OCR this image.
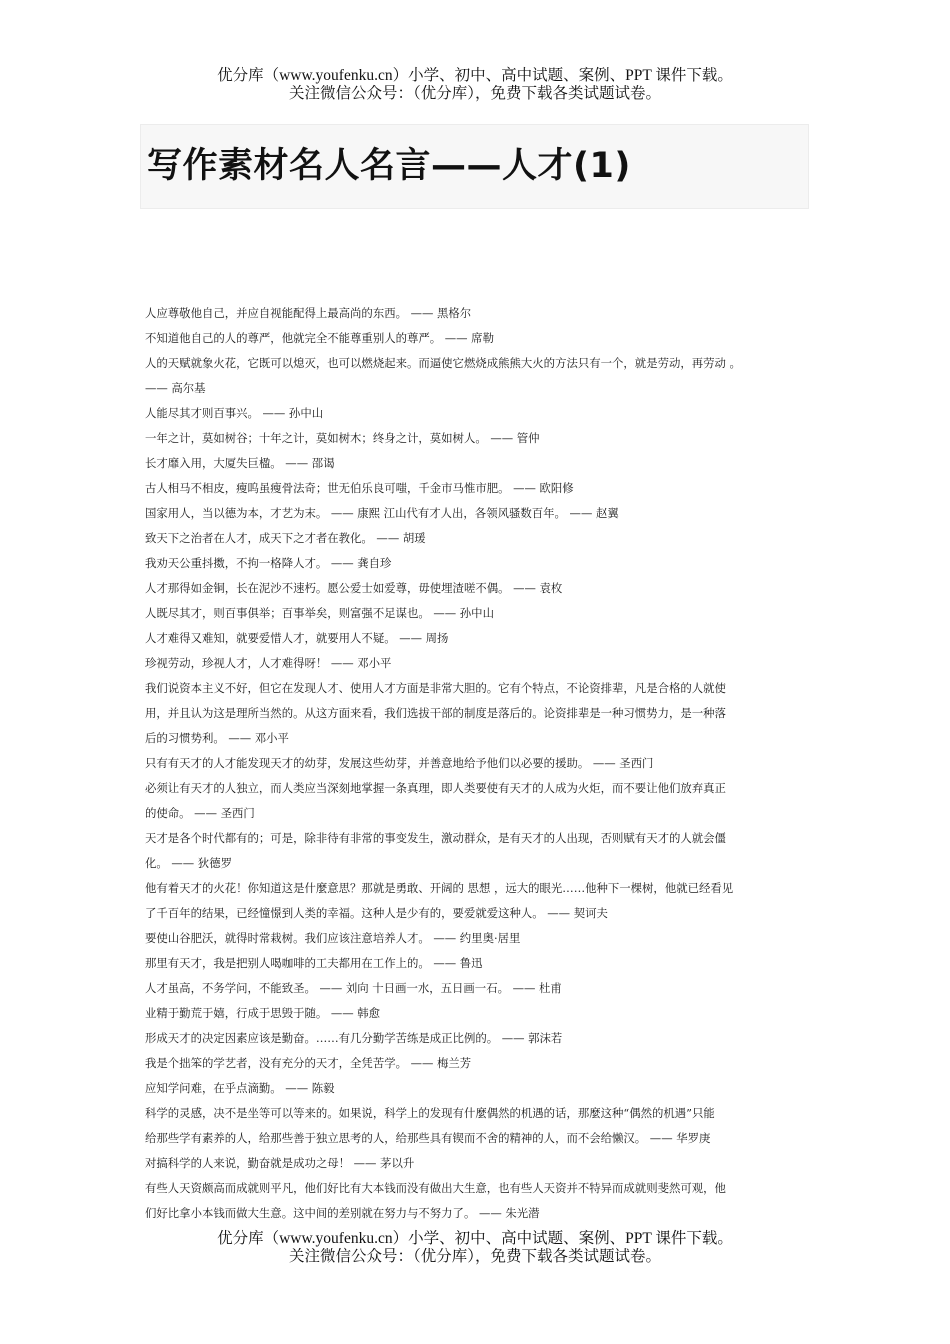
优分库（www.youfenku.cn）小学、初中、高中试题、案例、PPT 课件下载。
关注微信公众号：（优分库），免费下载各类试题试卷。
写作素材名人名言——人才(1)
人应尊敬他自己，并应自视能配得上最高尚的东西。 —— 黑格尔
不知道他自己的人的尊严，他就完全不能尊重别人的尊严。 —— 席勒
人的天赋就象火花，它既可以熄灭，也可以燃烧起来。而逼使它燃烧成熊熊大火的方法只有一个，就是劳动，再劳动 。
—— 高尔基
人能尽其才则百事兴。 —— 孙中山
一年之计，莫如树谷；十年之计，莫如树木；终身之计，莫如树人。 —— 管仲
长才靡入用，大厦失巨楹。 —— 邵谒
古人相马不相皮，瘦呜虽瘦骨法奇；世无伯乐良可嗤，千金市马惟市肥。 —— 欧阳修
国家用人，当以德为本，才艺为末。 —— 康熙 江山代有才人出，各领风骚数百年。 —— 赵翼
致天下之治者在人才，成天下之才者在教化。 —— 胡瑗
我劝天公重抖擞，不拘一格降人才。 —— 龚自珍
人才那得如金铜，长在泥沙不速朽。愿公爱士如爱尊，毋使埋渣嗟不偶。 —— 袁枚
人既尽其才，则百事俱举；百事举矣，则富强不足谋也。 —— 孙中山
人才难得又难知，就要爱惜人才，就要用人不疑。 —— 周扬
珍视劳动，珍视人才，人才难得呀！ —— 邓小平
我们说资本主义不好，但它在发现人才、使用人才方面是非常大胆的。它有个特点，不论资排辈，凡是合格的人就使
用，并且认为这是理所当然的。从这方面来看，我们选拔干部的制度是落后的。论资排辈是一种习惯势力，是一种落
后的习惯势利。 —— 邓小平
只有有天才的人才能发现天才的幼芽，发展这些幼芽，并善意地给予他们以必要的援助。 —— 圣西门
必须让有天才的人独立，而人类应当深刻地掌握一条真理，即人类要使有天才的人成为火炬，而不要让他们放弃真正
的使命。 —— 圣西门
天才是各个时代都有的；可是，除非待有非常的事变发生，激动群众，是有天才的人出现，否则赋有天才的人就会僵
化。 —— 狄德罗
他有着天才的火花！你知道这是什麼意思？那就是勇敢、开阔的 思想 ，远大的眼光……他种下一棵树，他就已经看见
了千百年的结果，已经憧憬到人类的幸福。这种人是少有的，要爱就爱这种人。 —— 契诃夫
要使山谷肥沃，就得时常栽树。我们应该注意培养人才。 —— 约里奥·居里
那里有天才，我是把别人喝咖啡的工夫都用在工作上的。 —— 鲁迅
人才虽高，不务学问，不能致圣。 —— 刘向 十日画一水，五日画一石。 —— 杜甫
业精于勤荒于嬉，行成于思毁于随。 —— 韩愈
形成天才的决定因素应该是勤奋。……有几分勤学苦练是成正比例的。 —— 郭沫若
我是个拙笨的学艺者，没有充分的天才，全凭苦学。 —— 梅兰芳
应知学问难，在乎点滴勤。 —— 陈毅
科学的灵感，决不是坐等可以等来的。如果说，科学上的发现有什麼偶然的机遇的话，那麼这种“偶然的机遇”只能
给那些学有素养的人，给那些善于独立思考的人，给那些具有锲而不舍的精神的人，而不会给懒汉。 —— 华罗庚
对搞科学的人来说，勤奋就是成功之母！ —— 茅以升
有些人天资颇高而成就则平凡，他们好比有大本钱而没有做出大生意，也有些人天资并不特异而成就则斐然可观，他
们好比拿小本钱而做大生意。这中间的差别就在努力与不努力了。 —— 朱光潜
优分库（www.youfenku.cn）小学、初中、高中试题、案例、PPT 课件下载。
关注微信公众号：（优分库），免费下载各类试题试卷。
